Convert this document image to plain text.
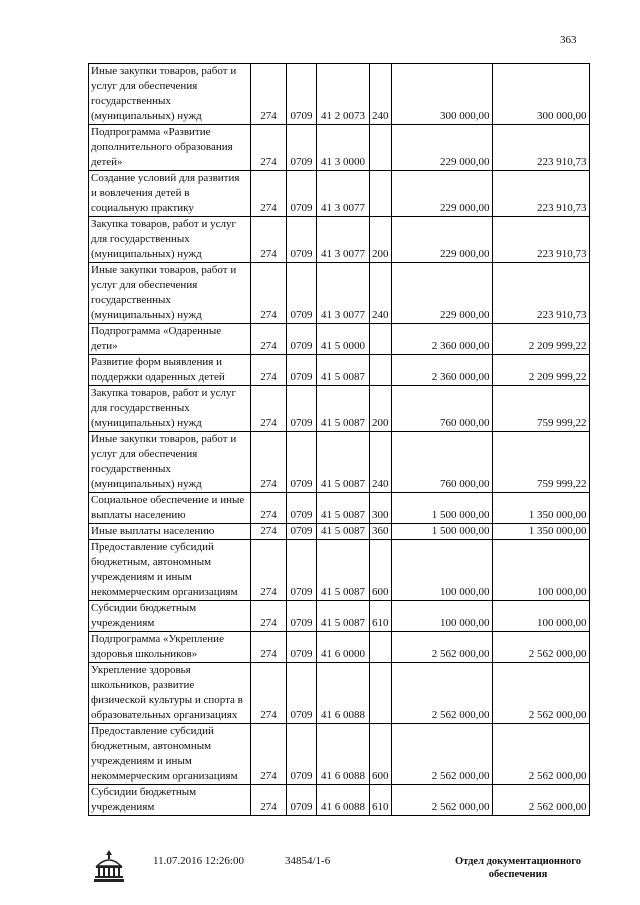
363
Иные закупки товаров, работ и услуг для обеспечения государственных (муниципальных) нужд	274	0709	41 2 0073	240	300 000,00	300 000,00
Подпрограмма «Развитие дополнительного образования детей»	274	0709	41 3 0000		229 000,00	223 910,73
Создание условий для развития и вовлечения детей в социальную практику	274	0709	41 3 0077		229 000,00	223 910,73
Закупка товаров, работ и услуг для государственных (муниципальных) нужд	274	0709	41 3 0077	200	229 000,00	223 910,73
Иные закупки товаров, работ и услуг для обеспечения государственных (муниципальных) нужд	274	0709	41 3 0077	240	229 000,00	223 910,73
Подпрограмма «Одаренные дети»	274	0709	41 5 0000		2 360 000,00	2 209 999,22
Развитие форм выявления и поддержки одаренных детей	274	0709	41 5 0087		2 360 000,00	2 209 999,22
Закупка товаров, работ и услуг для государственных (муниципальных) нужд	274	0709	41 5 0087	200	760 000,00	759 999,22
Иные закупки товаров, работ и услуг для обеспечения государственных (муниципальных) нужд	274	0709	41 5 0087	240	760 000,00	759 999,22
Социальное обеспечение и иные выплаты населению	274	0709	41 5 0087	300	1 500 000,00	1 350 000,00
Иные выплаты населению	274	0709	41 5 0087	360	1 500 000,00	1 350 000,00
Предоставление субсидий бюджетным, автономным учреждениям и иным некоммерческим организациям	274	0709	41 5 0087	600	100 000,00	100 000,00
Субсидии бюджетным учреждениям	274	0709	41 5 0087	610	100 000,00	100 000,00
Подпрограмма «Укрепление здоровья школьников»	274	0709	41 6 0000		2 562 000,00	2 562 000,00
Укрепление здоровья школьников, развитие физической культуры и спорта в образовательных организациях	274	0709	41 6 0088		2 562 000,00	2 562 000,00
Предоставление субсидий бюджетным, автономным учреждениям и иным некоммерческим организациям	274	0709	41 6 0088	600	2 562 000,00	2 562 000,00
Субсидии бюджетным учреждениям	274	0709	41 6 0088	610	2 562 000,00	2 562 000,00
11.07.2016 12:26:00	34854/1-6	Отдел документационного обеспечения
